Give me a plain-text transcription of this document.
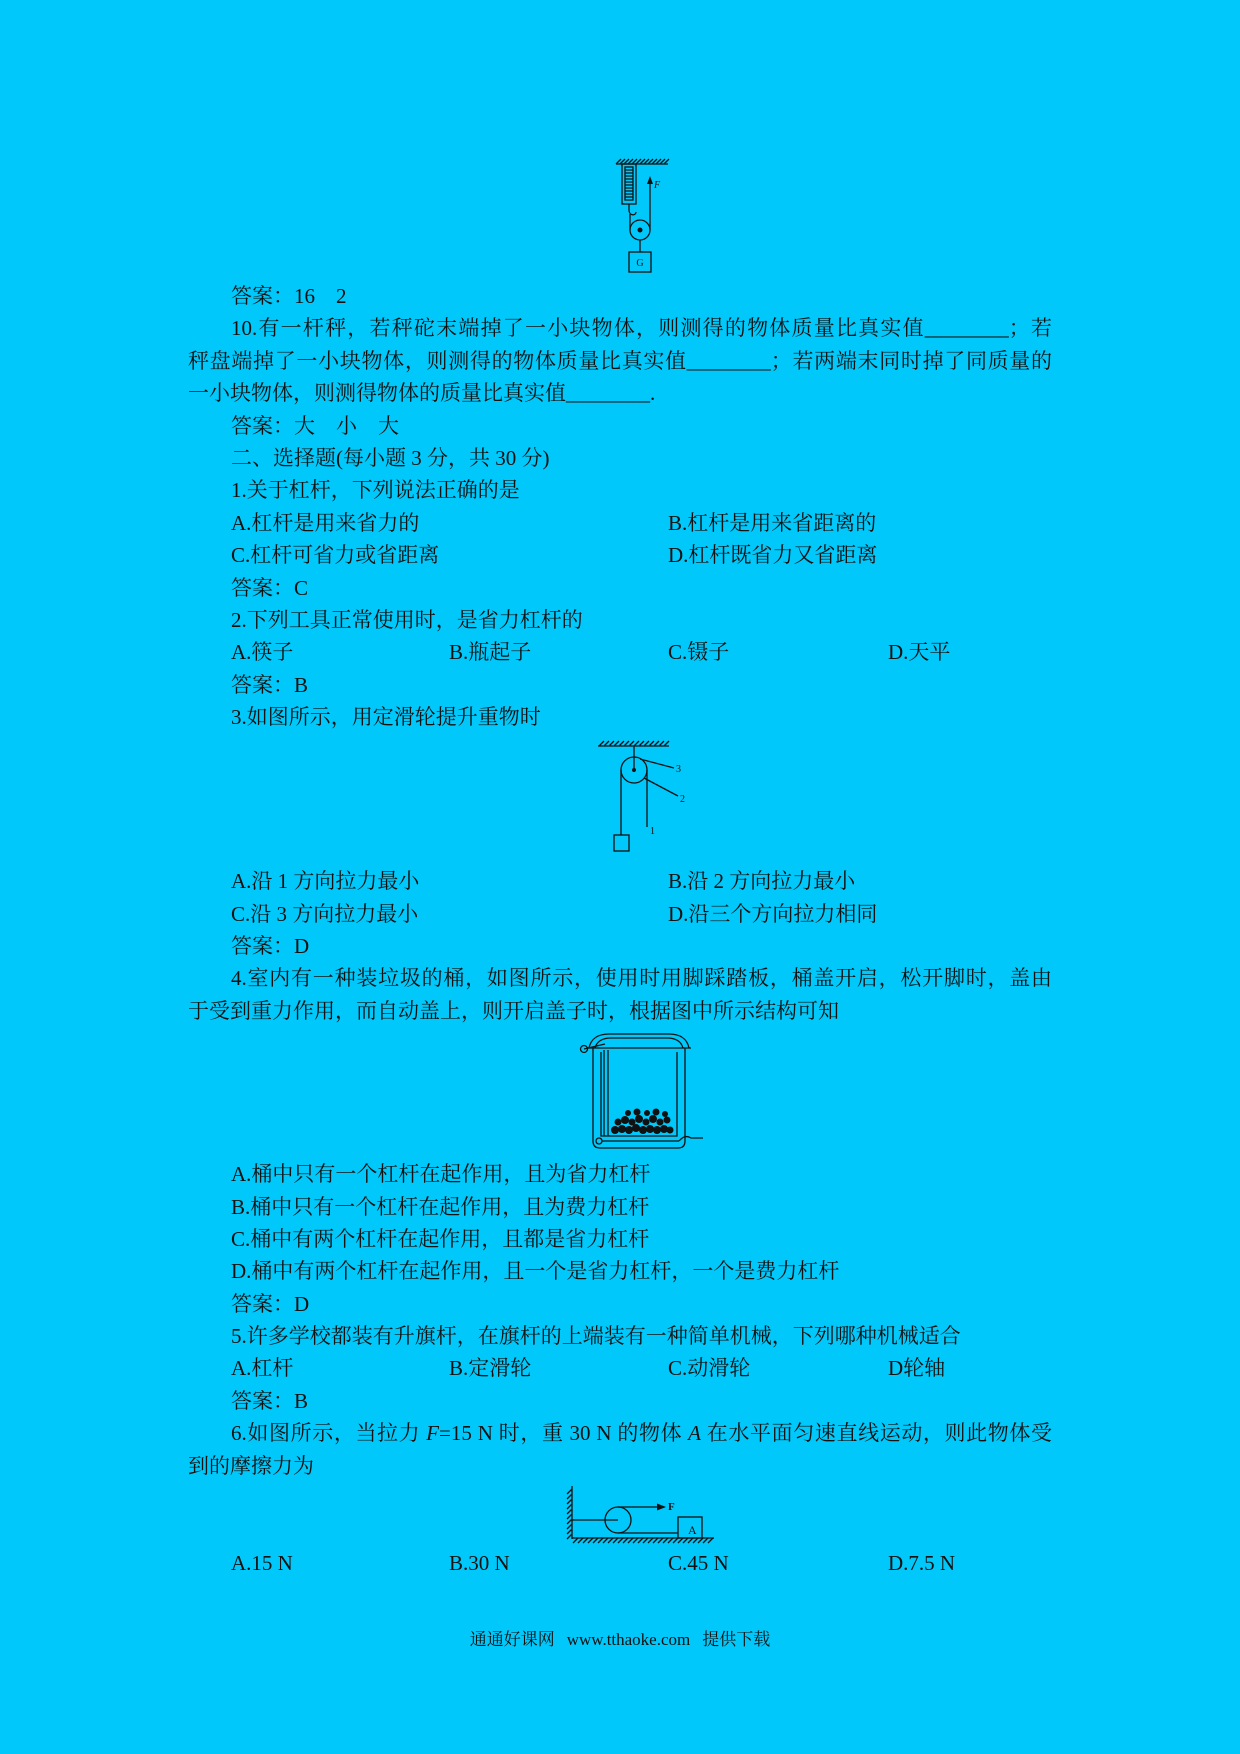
F
G
答案：16　2
10.有一杆秤，若秤砣末端掉了一小块物体，则测得的物体质量比真实值________；若
秤盘端掉了一小块物体，则测得的物体质量比真实值________；若两端末同时掉了同质量的
一小块物体，则测得物体的质量比真实值________.
答案：大　小　大
二、选择题(每小题 3 分，共 30 分)
1.关于杠杆，下列说法正确的是

A.杠杆是用来省力的

	B.杠杆是用来省距离的

C.杠杆可省力或省距离

	D.杠杆既省力又省距离

答案：C
2.下列工具正常使用时，是省力杠杆的

A.筷子

	B.瓶起子

	C.镊子

	D.天平

答案：B
3.如图所示，用定滑轮提升重物时
1
2
3

A.沿 1 方向拉力最小

	B.沿 2 方向拉力最小

C.沿 3 方向拉力最小

	D.沿三个方向拉力相同

答案：D
4.室内有一种装垃圾的桶，如图所示，使用时用脚踩踏板，桶盖开启，松开脚时，盖由
于受到重力作用，而自动盖上，则开启盖子时，根据图中所示结构可知
A.桶中只有一个杠杆在起作用，且为省力杠杆
B.桶中只有一个杠杆在起作用，且为费力杠杆
C.桶中有两个杠杆在起作用，且都是省力杠杆
D.桶中有两个杠杆在起作用，且一个是省力杠杆，一个是费力杠杆
答案：D
5.许多学校都装有升旗杆，在旗杆的上端装有一种简单机械，下列哪种机械适合

A.杠杆

	B.定滑轮

	C.动滑轮

	D轮轴

答案：B
6.如图所示，当拉力 F=15 N 时，重 30 N 的物体 A 在水平面匀速直线运动，则此物体受
到的摩擦力为
F
A

A.15 N

	B.30 N

	C.45 N

	D.7.5 N

通通好课网 www.tthaoke.com 提供下载
